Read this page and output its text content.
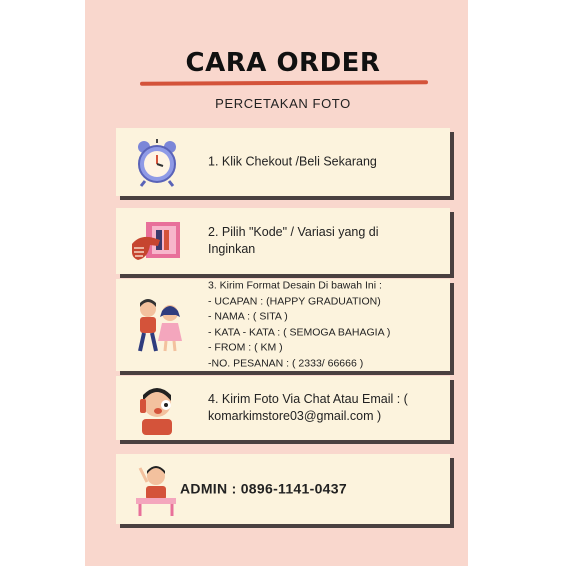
CARA ORDER
PERCETAKAN FOTO
1. Klik Chekout /Beli Sekarang
2. Pilih "Kode" / Variasi yang di
Inginkan
3. Kirim Format Desain Di bawah Ini :
- UCAPAN : (HAPPY GRADUATION)
- NAMA : ( SITA )
- KATA - KATA : ( SEMOGA BAHAGIA )
- FROM : ( KM )
-NO. PESANAN : ( 2333/ 66666 )
4. Kirim Foto Via Chat Atau Email : (
komarkimstore03@gmail.com )
ADMIN : 0896-1141-0437
